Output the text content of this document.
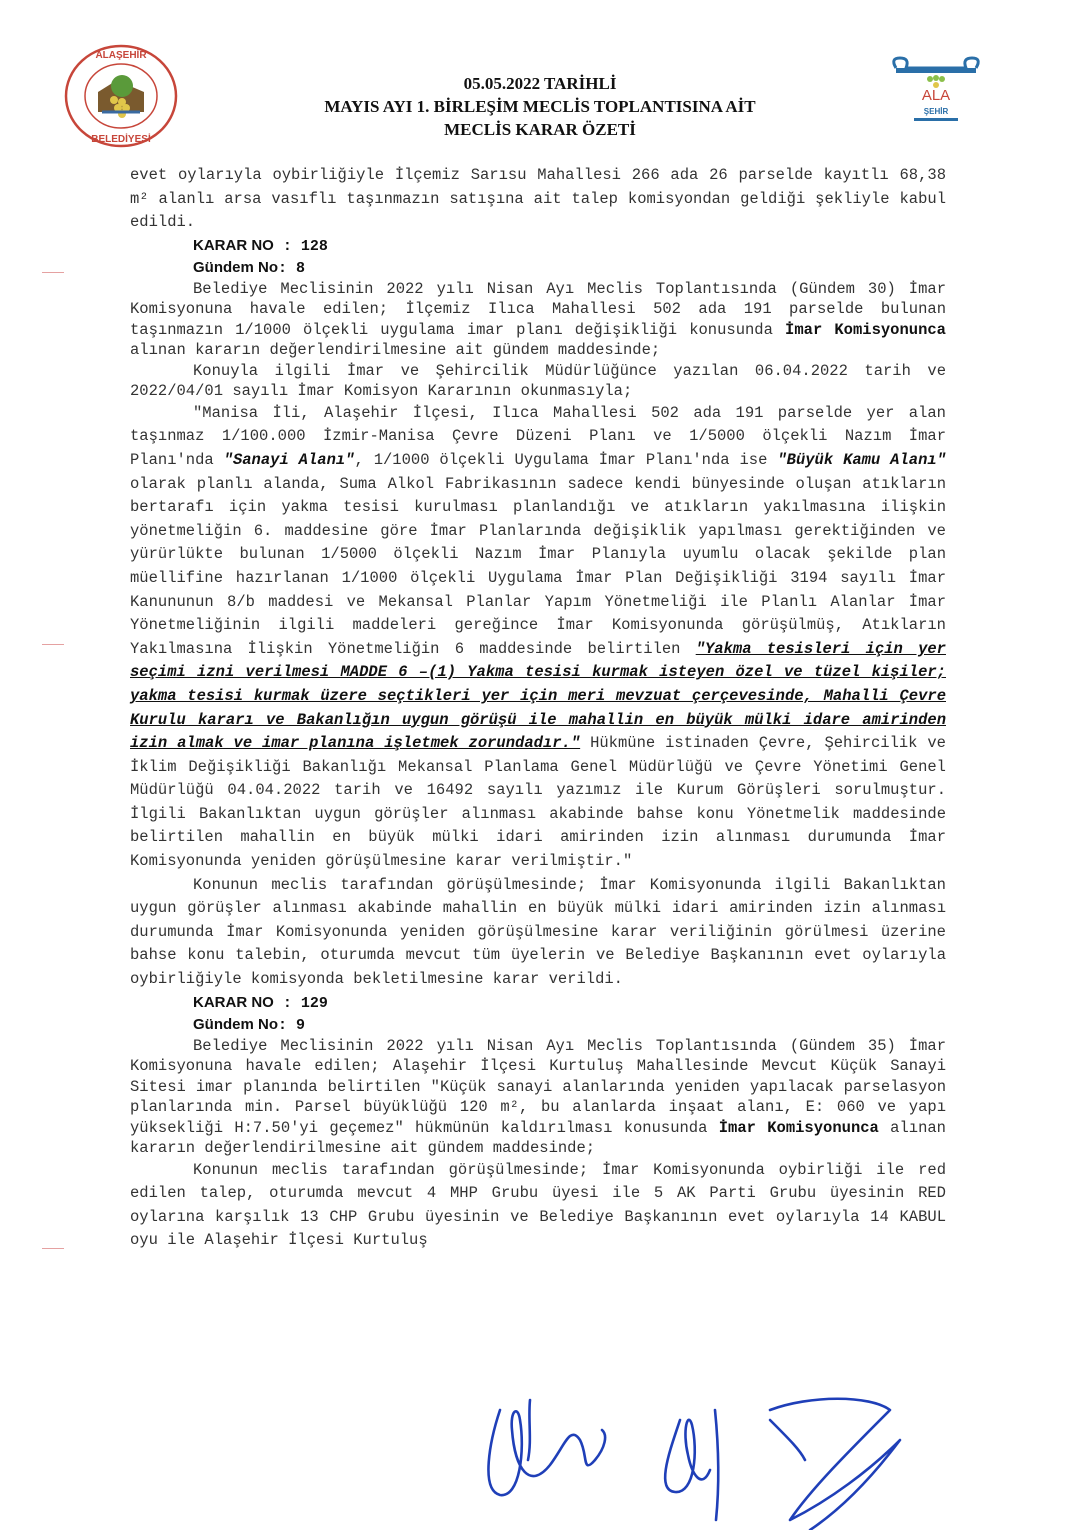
ALAŞEHİR
BELEDİYESİ
ALA
ŞEHİR
05.05.2022 TARİHLİ
MAYIS AYI 1. BİRLEŞİM MECLİS TOPLANTISINA AİT
MECLİS KARAR ÖZETİ

evet oylarıyla oybirliğiyle İlçemiz Sarısu Mahallesi 266 ada 26 parselde kayıtlı 68,38 m² alanlı arsa vasıflı taşınmazın satışına ait talep komisyondan geldiği şekliyle kabul edildi.

KARAR NO : 128
Gündem No: 8

Belediye Meclisinin 2022 yılı Nisan Ayı Meclis Toplantısında (Gündem 30) İmar Komisyonuna havale edilen; İlçemiz Ilıca Mahallesi 502 ada 191 parselde bulunan taşınmazın 1/1000 ölçekli uygulama imar planı değişikliği konusunda İmar Komisyonunca alınan kararın değerlendirilmesine ait gündem maddesinde;

Konuyla ilgili İmar ve Şehircilik Müdürlüğünce yazılan 06.04.2022 tarih ve 2022/04/01 sayılı İmar Komisyon Kararının okunmasıyla;

"Manisa İli, Alaşehir İlçesi, Ilıca Mahallesi 502 ada 191 parselde yer alan taşınmaz 1/100.000 İzmir-Manisa Çevre Düzeni Planı ve 1/5000 ölçekli Nazım İmar Planı'nda "Sanayi Alanı", 1/1000 ölçekli Uygulama İmar Planı'nda ise "Büyük Kamu Alanı" olarak planlı alanda, Suma Alkol Fabrikasının sadece kendi bünyesinde oluşan atıkların bertarafı için yakma tesisi kurulması planlandığı ve atıkların yakılmasına ilişkin yönetmeliğin 6. maddesine göre İmar Planlarında değişiklik yapılması gerektiğinden ve yürürlükte bulunan 1/5000 ölçekli Nazım İmar Planıyla uyumlu olacak şekilde plan müellifine hazırlanan 1/1000 ölçekli Uygulama İmar Plan Değişikliği 3194 sayılı İmar Kanununun 8/b maddesi ve Mekansal Planlar Yapım Yönetmeliği ile Planlı Alanlar İmar Yönetmeliğinin ilgili maddeleri gereğince İmar Komisyonunda görüşülmüş, Atıkların Yakılmasına İlişkin Yönetmeliğin 6 maddesinde belirtilen "Yakma tesisleri için yer seçimi izni verilmesi MADDE 6 –(1) Yakma tesisi kurmak isteyen özel ve tüzel kişiler; yakma tesisi kurmak üzere seçtikleri yer için meri mevzuat çerçevesinde, Mahalli Çevre Kurulu kararı ve Bakanlığın uygun görüşü ile mahallin en büyük mülki idare amirinden izin almak ve imar planına işletmek zorundadır." Hükmüne istinaden Çevre, Şehircilik ve İklim Değişikliği Bakanlığı Mekansal Planlama Genel Müdürlüğü ve Çevre Yönetimi Genel Müdürlüğü 04.04.2022 tarih ve 16492 sayılı yazımız ile Kurum Görüşleri sorulmuştur. İlgili Bakanlıktan uygun görüşler alınması akabinde bahse konu Yönetmelik maddesinde belirtilen mahallin en büyük mülki idari amirinden izin alınması durumunda İmar Komisyonunda yeniden görüşülmesine karar verilmiştir."

Konunun meclis tarafından görüşülmesinde; İmar Komisyonunda ilgili Bakanlıktan uygun görüşler alınması akabinde mahallin en büyük mülki idari amirinden izin alınması durumunda İmar Komisyonunda yeniden görüşülmesine karar veriliğinin görülmesi üzerine bahse konu talebin, oturumda mevcut tüm üyelerin ve Belediye Başkanının evet oylarıyla oybirliğiyle komisyonda bekletilmesine karar verildi.

KARAR NO : 129
Gündem No: 9

Belediye Meclisinin 2022 yılı Nisan Ayı Meclis Toplantısında (Gündem 35) İmar Komisyonuna havale edilen; Alaşehir İlçesi Kurtuluş Mahallesinde Mevcut Küçük Sanayi Sitesi imar planında belirtilen "Küçük sanayi alanlarında yeniden yapılacak parselasyon planlarında min. Parsel büyüklüğü 120 m², bu alanlarda inşaat alanı, E: 060 ve yapı yüksekliği H:7.50'yi geçemez" hükmünün kaldırılması konusunda İmar Komisyonunca alınan kararın değerlendirilmesine ait gündem maddesinde;

Konunun meclis tarafından görüşülmesinde; İmar Komisyonunda oybirliği ile red edilen talep, oturumda mevcut 4 MHP Grubu üyesi ile 5 AK Parti Grubu üyesinin RED oylarına karşılık 13 CHP Grubu üyesinin ve Belediye Başkanının evet oylarıyla 14 KABUL oyu ile Alaşehir İlçesi Kurtuluş
